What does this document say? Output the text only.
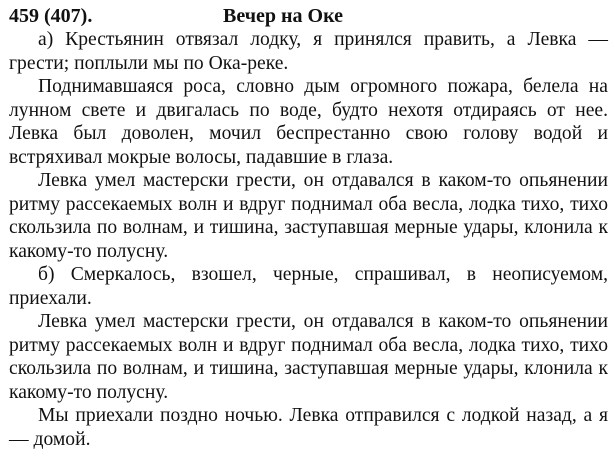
459 (407).	Вечер на Оке

а) Крестьянин отвязал лодку, я принялся править, а Левка — грести; поплыли мы по Ока-реке.

Поднимавшаяся роса, словно дым огромного пожара, белела на лунном свете и двигалась по воде, будто нехотя отдираясь от нее. Левка был доволен, мочил беспрестанно свою голову водой и встряхивал мокрые волосы, падавшие в глаза.

Левка умел мастерски грести, он отдавался в каком-то опьянении ритму рассекаемых волн и вдруг поднимал оба весла, лодка тихо, тихо скользила по волнам, и тишина, заступавшая мерные удары, клонила к какому-то полусну.

б) Смеркалось, взошел, черные, спрашивал, в неописуемом, приехали.

Левка умел мастерски грести, он отдавался в каком-то опьянении ритму рассекаемых волн и вдруг поднимал оба весла, лодка тихо, тихо скользила по волнам, и тишина, заступавшая мерные удары, клонила к какому-то полусну.

Мы приехали поздно ночью. Левка отправился с лодкой назад, а я — домой.
